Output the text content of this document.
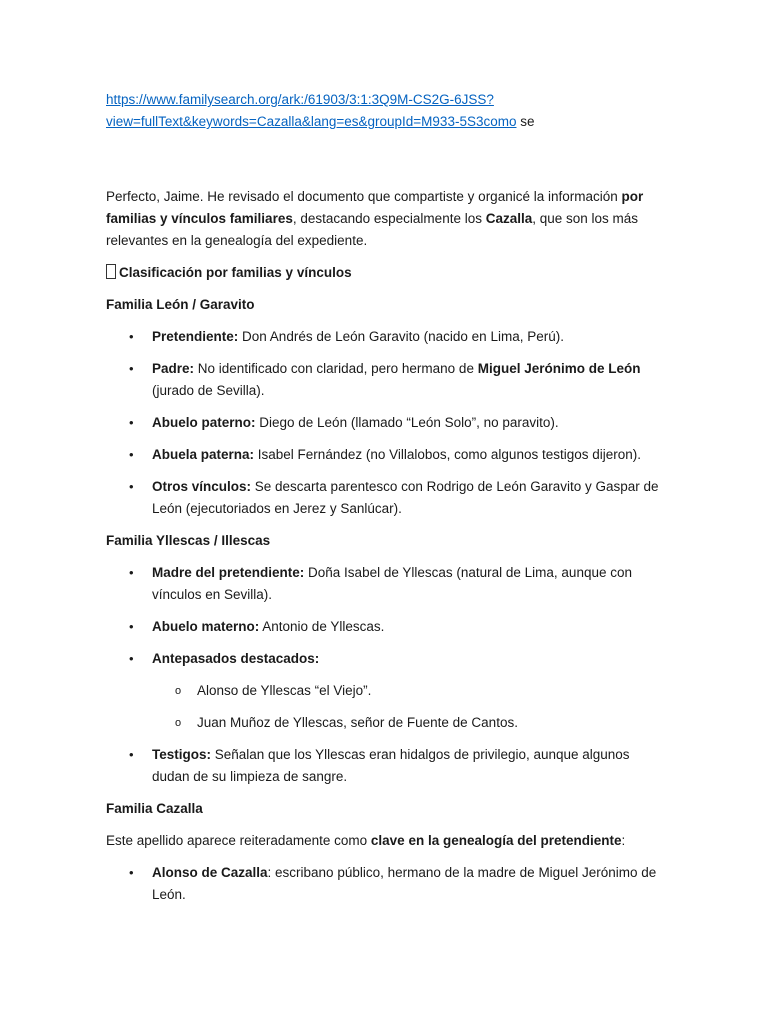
https://www.familysearch.org/ark:/61903/3:1:3Q9M-CS2G-6JSS?
view=fullText&keywords=Cazalla&lang=es&groupId=M933-5S3como se

Perfecto, Jaime. He revisado el documento que compartiste y organicé la información por familias y vínculos familiares, destacando especialmente los Cazalla, que son los más relevantes en la genealogía del expediente.

Clasificación por familias y vínculos

Familia León / Garavito

• Pretendiente: Don Andrés de León Garavito (nacido en Lima, Perú).
• Padre: No identificado con claridad, pero hermano de Miguel Jerónimo de León (jurado de Sevilla).
• Abuelo paterno: Diego de León (llamado “León Solo”, no paravito).
• Abuela paterna: Isabel Fernández (no Villalobos, como algunos testigos dijeron).
• Otros vínculos: Se descarta parentesco con Rodrigo de León Garavito y Gaspar de León (ejecutoriados en Jerez y Sanlúcar).

Familia Yllescas / Illescas

• Madre del pretendiente: Doña Isabel de Yllescas (natural de Lima, aunque con vínculos en Sevilla).
• Abuelo materno: Antonio de Yllescas.
• Antepasados destacados:
o Alonso de Yllescas “el Viejo”.
o Juan Muñoz de Yllescas, señor de Fuente de Cantos.
• Testigos: Señalan que los Yllescas eran hidalgos de privilegio, aunque algunos dudan de su limpieza de sangre.

Familia Cazalla

Este apellido aparece reiteradamente como clave en la genealogía del pretendiente:

• Alonso de Cazalla: escribano público, hermano de la madre de Miguel Jerónimo de León.
